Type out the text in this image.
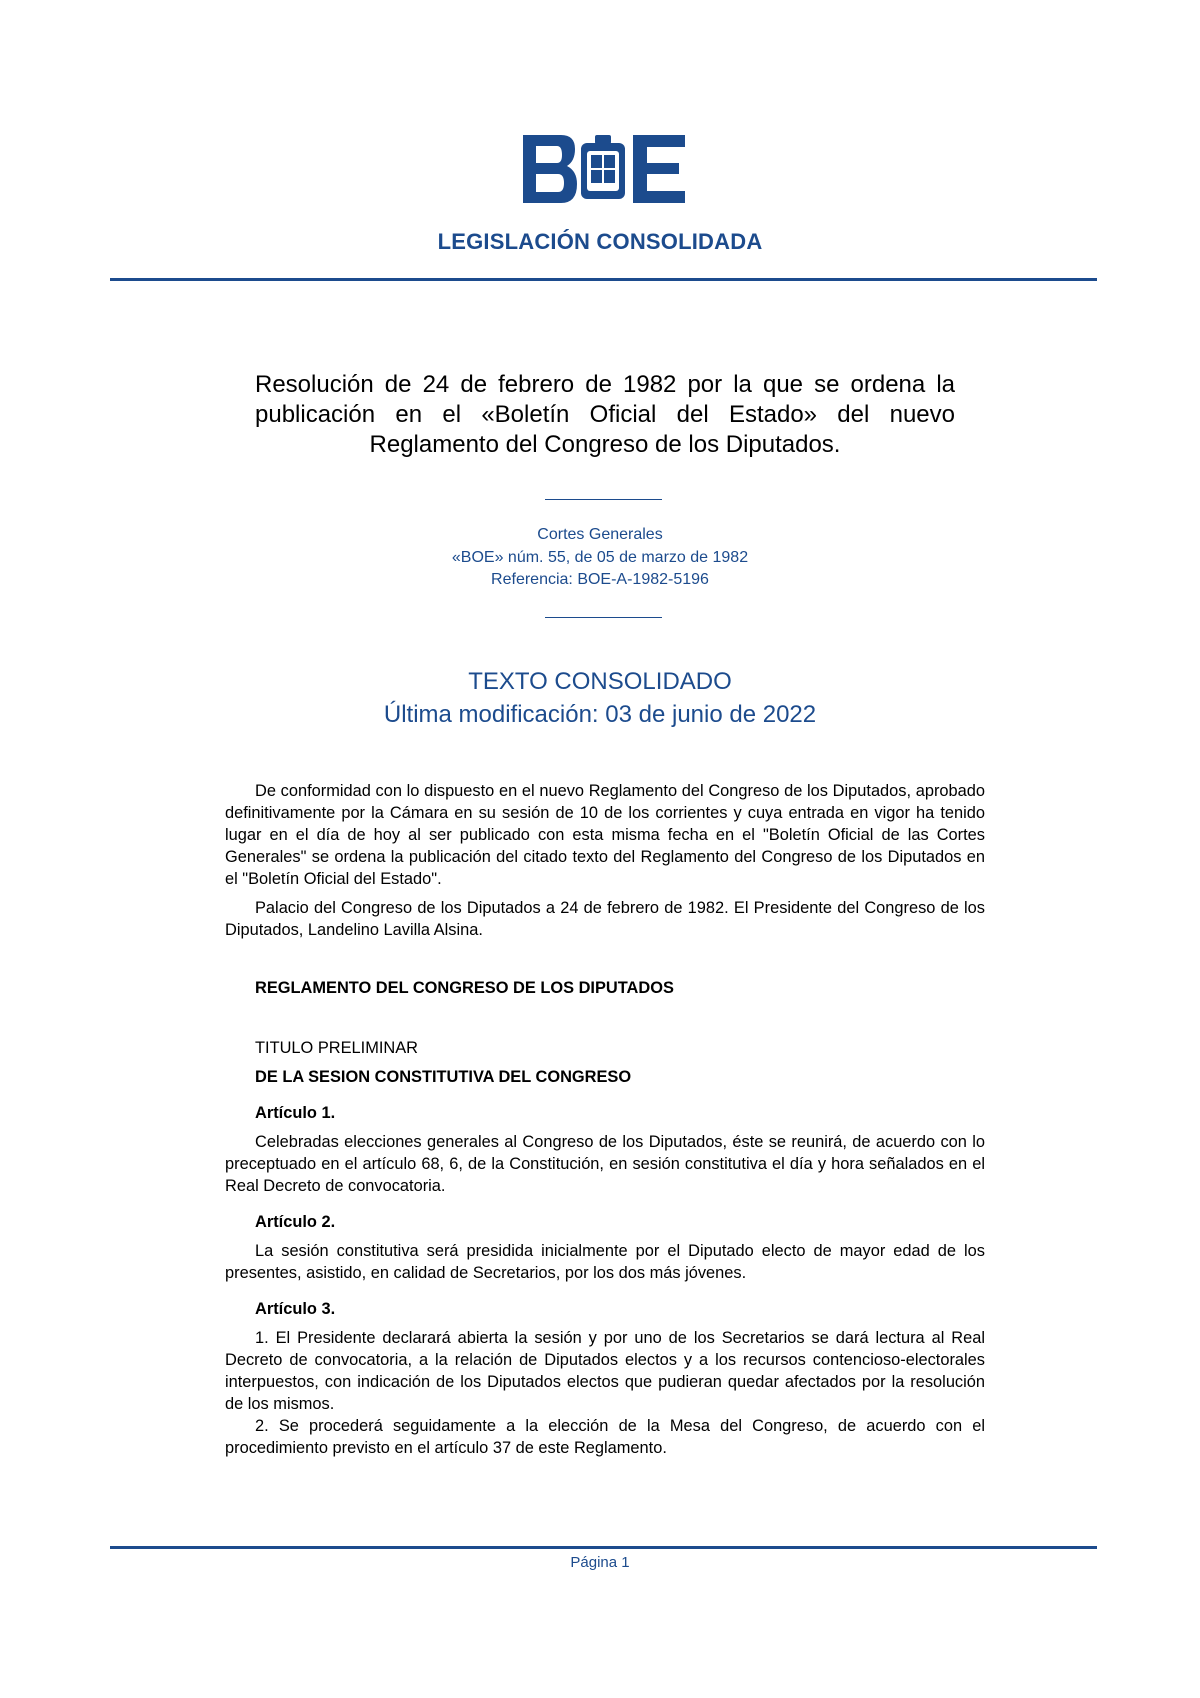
LEGISLACIÓN CONSOLIDADA
Resolución de 24 de febrero de 1982 por la que se ordena la publicación en el «Boletín Oficial del Estado» del nuevo Reglamento del Congreso de los Diputados.
Cortes Generales
«BOE» núm. 55, de 05 de marzo de 1982
Referencia: BOE-A-1982-5196
TEXTO CONSOLIDADO
Última modificación: 03 de junio de 2022

De conformidad con lo dispuesto en el nuevo Reglamento del Congreso de los Diputados, aprobado definitivamente por la Cámara en su sesión de 10 de los corrientes y cuya entrada en vigor ha tenido lugar en el día de hoy al ser publicado con esta misma fecha en el "Boletín Oficial de las Cortes Generales" se ordena la publicación del citado texto del Reglamento del Congreso de los Diputados en el "Boletín Oficial del Estado".

Palacio del Congreso de los Diputados a 24 de febrero de 1982. El Presidente del Congreso de los Diputados, Landelino Lavilla Alsina.

REGLAMENTO DEL CONGRESO DE LOS DIPUTADOS

TITULO PRELIMINAR

DE LA SESION CONSTITUTIVA DEL CONGRESO

Artículo 1.

Celebradas elecciones generales al Congreso de los Diputados, éste se reunirá, de acuerdo con lo preceptuado en el artículo 68, 6, de la Constitución, en sesión constitutiva el día y hora señalados en el Real Decreto de convocatoria.

Artículo 2.

La sesión constitutiva será presidida inicialmente por el Diputado electo de mayor edad de los presentes, asistido, en calidad de Secretarios, por los dos más jóvenes.

Artículo 3.

1. El Presidente declarará abierta la sesión y por uno de los Secretarios se dará lectura al Real Decreto de convocatoria, a la relación de Diputados electos y a los recursos contencioso-electorales interpuestos, con indicación de los Diputados electos que pudieran quedar afectados por la resolución de los mismos.

2. Se procederá seguidamente a la elección de la Mesa del Congreso, de acuerdo con el procedimiento previsto en el artículo 37 de este Reglamento.

Página 1
